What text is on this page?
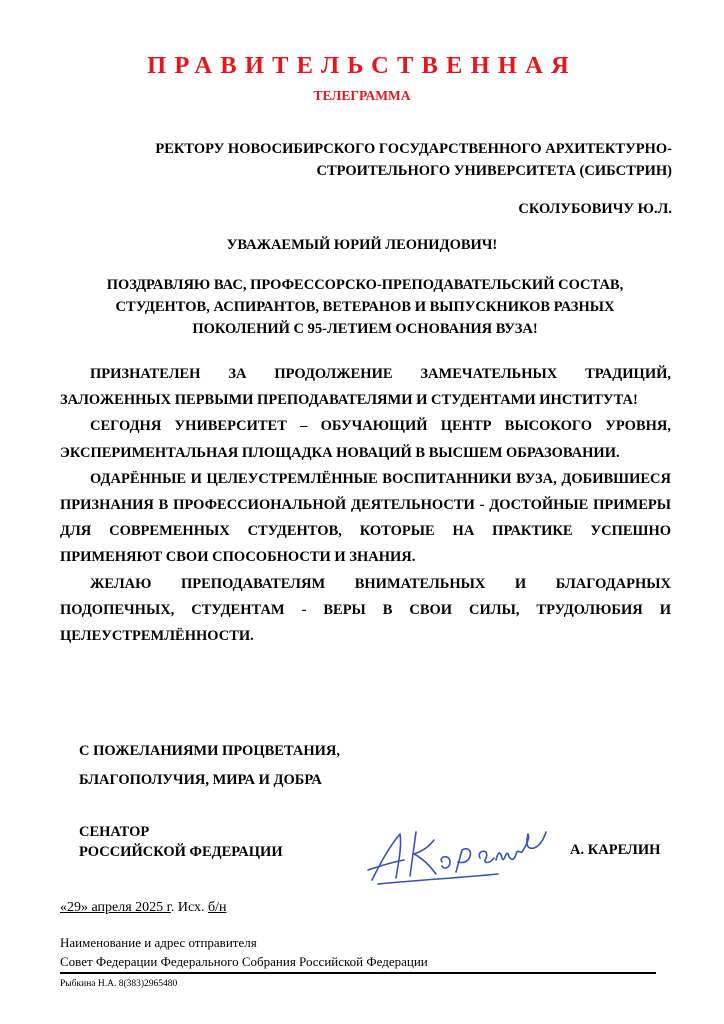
ПРАВИТЕЛЬСТВЕННАЯ
ТЕЛЕГРАММА
РЕКТОРУ НОВОСИБИРСКОГО ГОСУДАРСТВЕННОГО АРХИТЕКТУРНО-
СТРОИТЕЛЬНОГО УНИВЕРСИТЕТА (СИБСТРИН)
СКОЛУБОВИЧУ Ю.Л.
УВАЖАЕМЫЙ ЮРИЙ ЛЕОНИДОВИЧ!
ПОЗДРАВЛЯЮ ВАС, ПРОФЕССОРСКО-ПРЕПОДАВАТЕЛЬСКИЙ СОСТАВ,
СТУДЕНТОВ, АСПИРАНТОВ, ВЕТЕРАНОВ И ВЫПУСКНИКОВ РАЗНЫХ
ПОКОЛЕНИЙ С 95-ЛЕТИЕМ ОСНОВАНИЯ ВУЗА!

ПРИЗНАТЕЛЕН ЗА ПРОДОЛЖЕНИЕ ЗАМЕЧАТЕЛЬНЫХ ТРАДИЦИЙ, ЗАЛОЖЕННЫХ ПЕРВЫМИ ПРЕПОДАВАТЕЛЯМИ И СТУДЕНТАМИ ИНСТИТУТА!

СЕГОДНЯ УНИВЕРСИТЕТ – ОБУЧАЮЩИЙ ЦЕНТР ВЫСОКОГО УРОВНЯ, ЭКСПЕРИМЕНТАЛЬНАЯ ПЛОЩАДКА НОВАЦИЙ В ВЫСШЕМ ОБРАЗОВАНИИ.

ОДАРЁННЫЕ И ЦЕЛЕУСТРЕМЛЁННЫЕ ВОСПИТАННИКИ ВУЗА, ДОБИВШИЕСЯ ПРИЗНАНИЯ В ПРОФЕССИОНАЛЬНОЙ ДЕЯТЕЛЬНОСТИ - ДОСТОЙНЫЕ ПРИМЕРЫ ДЛЯ СОВРЕМЕННЫХ СТУДЕНТОВ, КОТОРЫЕ НА ПРАКТИКЕ УСПЕШНО ПРИМЕНЯЮТ СВОИ СПОСОБНОСТИ И ЗНАНИЯ.

ЖЕЛАЮ ПРЕПОДАВАТЕЛЯМ ВНИМАТЕЛЬНЫХ И БЛАГОДАРНЫХ ПОДОПЕЧНЫХ, СТУДЕНТАМ - ВЕРЫ В СВОИ СИЛЫ, ТРУДОЛЮБИЯ И ЦЕЛЕУСТРЕМЛЁННОСТИ.

С ПОЖЕЛАНИЯМИ ПРОЦВЕТАНИЯ,
БЛАГОПОЛУЧИЯ, МИРА И ДОБРА
СЕНАТОР
РОССИЙСКОЙ ФЕДЕРАЦИИ	А. КАРЕЛИН
«29» апреля 2025 г. Исх. б/н
Наименование и адрес отправителя
Совет Федерации Федерального Собрания Российской Федерации
Рыбкина Н.А. 8(383)2965480
